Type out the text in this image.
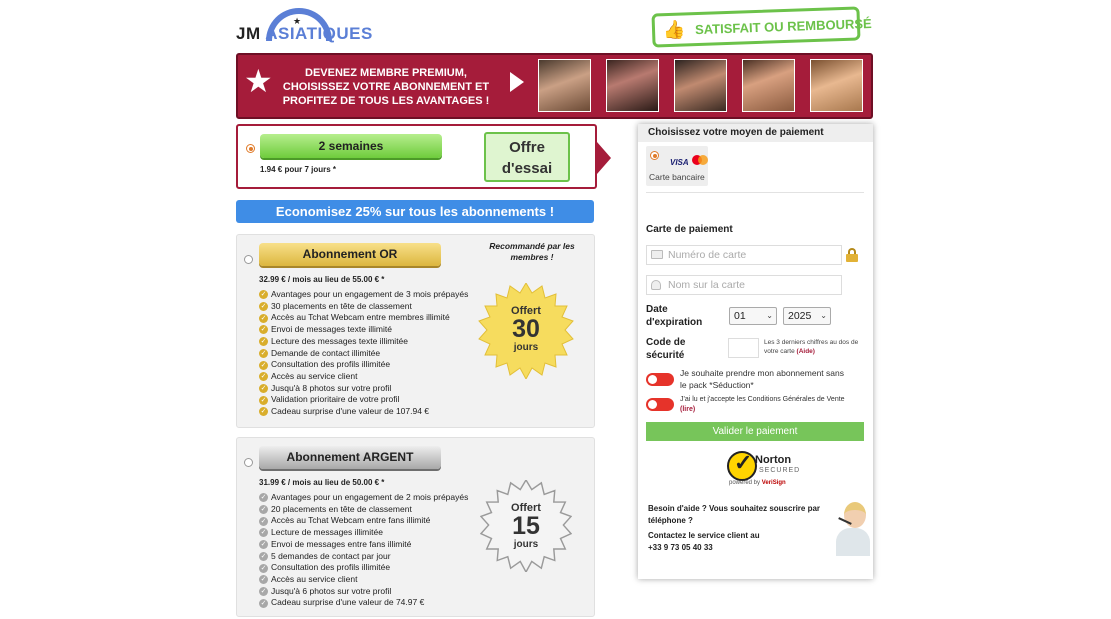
★
JM ASIATIQUES	👍 SATISFAIT OU REMBOURSÉ
★	DEVENEZ MEMBRE PREMIUM, CHOISISSEZ VOTRE ABONNEMENT ET PROFITEZ DE TOUS LES AVANTAGES !
2 semaines
1.94 € pour 7 jours *
Offre
d'essai
Economisez 25% sur tous les abonnements !
Abonnement OR
32.99 € / mois au lieu de 55.00 € *
Recommandé par les membres !
✓ Avantages pour un engagement de 3 mois prépayés
✓ 30 placements en tête de classement
✓ Accès au Tchat Webcam entre membres illimité
✓ Envoi de messages texte illimité
✓ Lecture des messages texte illimitée
✓ Demande de contact illimitée
✓ Consultation des profils illimitée
✓ Accès au service client
✓ Jusqu'à 8 photos sur votre profil
✓ Validation prioritaire de votre profil
✓ Cadeau surprise d'une valeur de 107.94 €
Offert
30
jours
Abonnement ARGENT
31.99 € / mois au lieu de 50.00 € *
✓ Avantages pour un engagement de 2 mois prépayés
✓ 20 placements en tête de classement
✓ Accès au Tchat Webcam entre fans illimité
✓ Lecture de messages illimitée
✓ Envoi de messages entre fans illimité
✓ 5 demandes de contact par jour
✓ Consultation des profils illimitée
✓ Accès au service client
✓ Jusqu'à 6 photos sur votre profil
✓ Cadeau surprise d'une valeur de 74.97 €
Offert
15
jours
Choisissez votre moyen de paiement
VISA
Carte bancaire
Carte de paiement
Numéro de carte
Nom sur la carte
Date d'expiration
01	⌄	2025 ⌄
Code de sécurité
Les 3 derniers chiffres au dos de votre carte (Aide)
Je souhaite prendre mon abonnement sans le pack *Séduction*
J'ai lu et j'accepte les Conditions Générales de Vente (lire)
Valider le paiement
✓
Norton
SECURED
powered by VeriSign
Besoin d'aide ? Vous souhaitez souscrire par téléphone ?
Contactez le service client au
+33 9 73 05 40 33
